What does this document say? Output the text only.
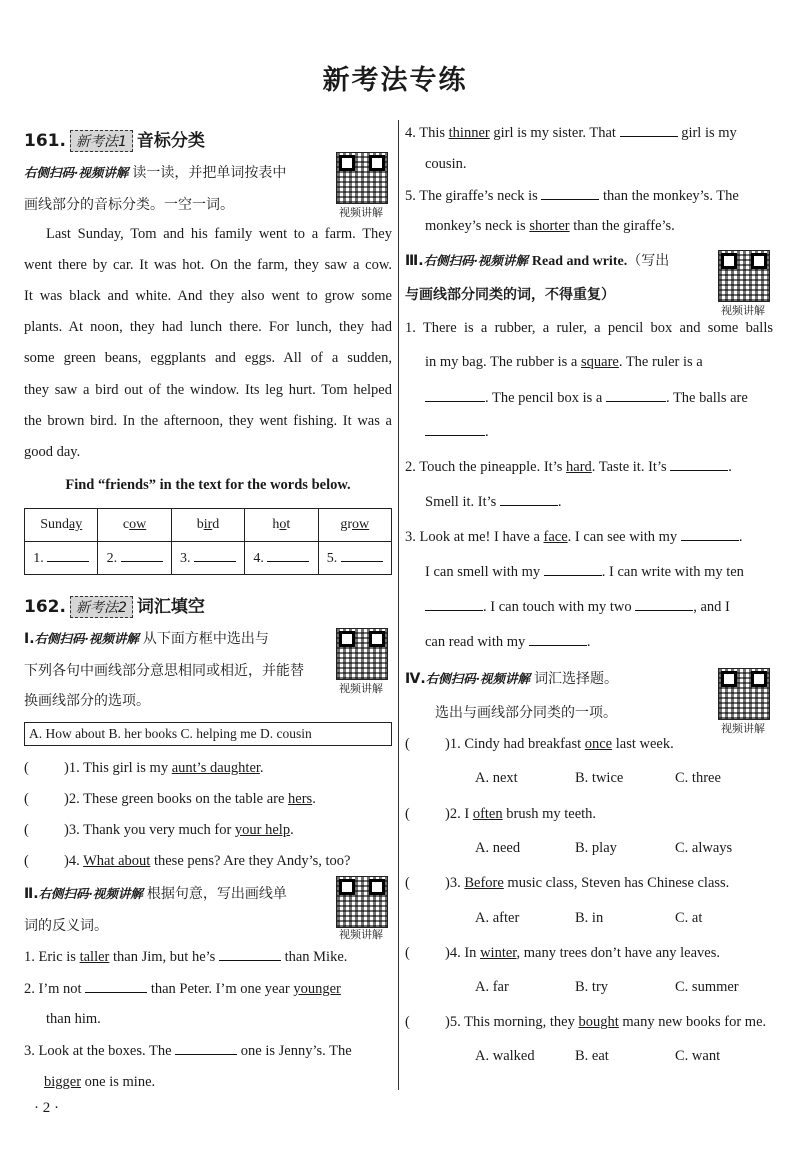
新考法专练
161. 新考法1 音标分类
右侧扫码·视频讲解 读一读，并把单词按表中
画线部分的音标分类。一空一词。	视频讲解
Last Sunday, Tom and his family went to a farm. They
went there by car. It was hot. On the farm, they saw a cow.
It was black and white. And they also went to grow some
plants. At noon, they had lunch there. For lunch, they had
some green beans, eggplants and eggs. All of a sudden,
they saw a bird out of the window. Its leg hurt. Tom helped
the brown bird. In the afternoon, they went fishing. It was a
good day.
Find “friends” in the text for the words below.
Sunday	cow	bird	hot	grow
1.	2.	3.	4.	5.
162. 新考法2 词汇填空
Ⅰ.右侧扫码·视频讲解 从下面方框中选出与
下列各句中画线部分意思相同或相近，并能替
换画线部分的选项。
视频讲解
A. How about B. her books C. helping me D. cousin
( )1. This girl is my aunt’s daughter.
( )2. These green books on the table are hers.
( )3. Thank you very much for your help.
( )4. What about these pens? Are they Andy’s, too?
Ⅱ.右侧扫码·视频讲解 根据句意，写出画线单
词的反义词。
视频讲解
1. Eric is taller than Jim, but he’s	than Mike.
2. I’m not	than Peter. I’m one year younger
than him.
3. Look at the boxes. The	one is Jenny’s. The
bigger one is mine.
4. This thinner girl is my sister. That	girl is my
cousin.
5. The giraffe’s neck is	than the monkey’s. The
monkey’s neck is shorter than the giraffe’s.
Ⅲ.右侧扫码·视频讲解 Read and write.（写出
与画线部分同类的词，不得重复）
视频讲解
1. There is a rubber, a ruler, a pencil box and some balls
in my bag. The rubber is a square. The ruler is a
. The pencil box is a	. The balls are
.
2. Touch the pineapple. It’s hard. Taste it. It’s	.
Smell it. It’s	.
3. Look at me! I have a face. I can see with my	.
I can smell with my	. I can write with my ten
. I can touch with my two	, and I
can read with my	.
Ⅳ.右侧扫码·视频讲解 词汇选择题。
选出与画线部分同类的一项。
视频讲解
( )1. Cindy had breakfast once last week.
A. next	B. twice	C. three
( )2. I often brush my teeth.
A. need	B. play	C. always
( )3. Before music class, Steven has Chinese class.
A. after	B. in	C. at
( )4. In winter, many trees don’t have any leaves.
A. far	B. try	C. summer
( )5. This morning, they bought many new books for me.
A. walked	B. eat	C. want
· 2 ·
